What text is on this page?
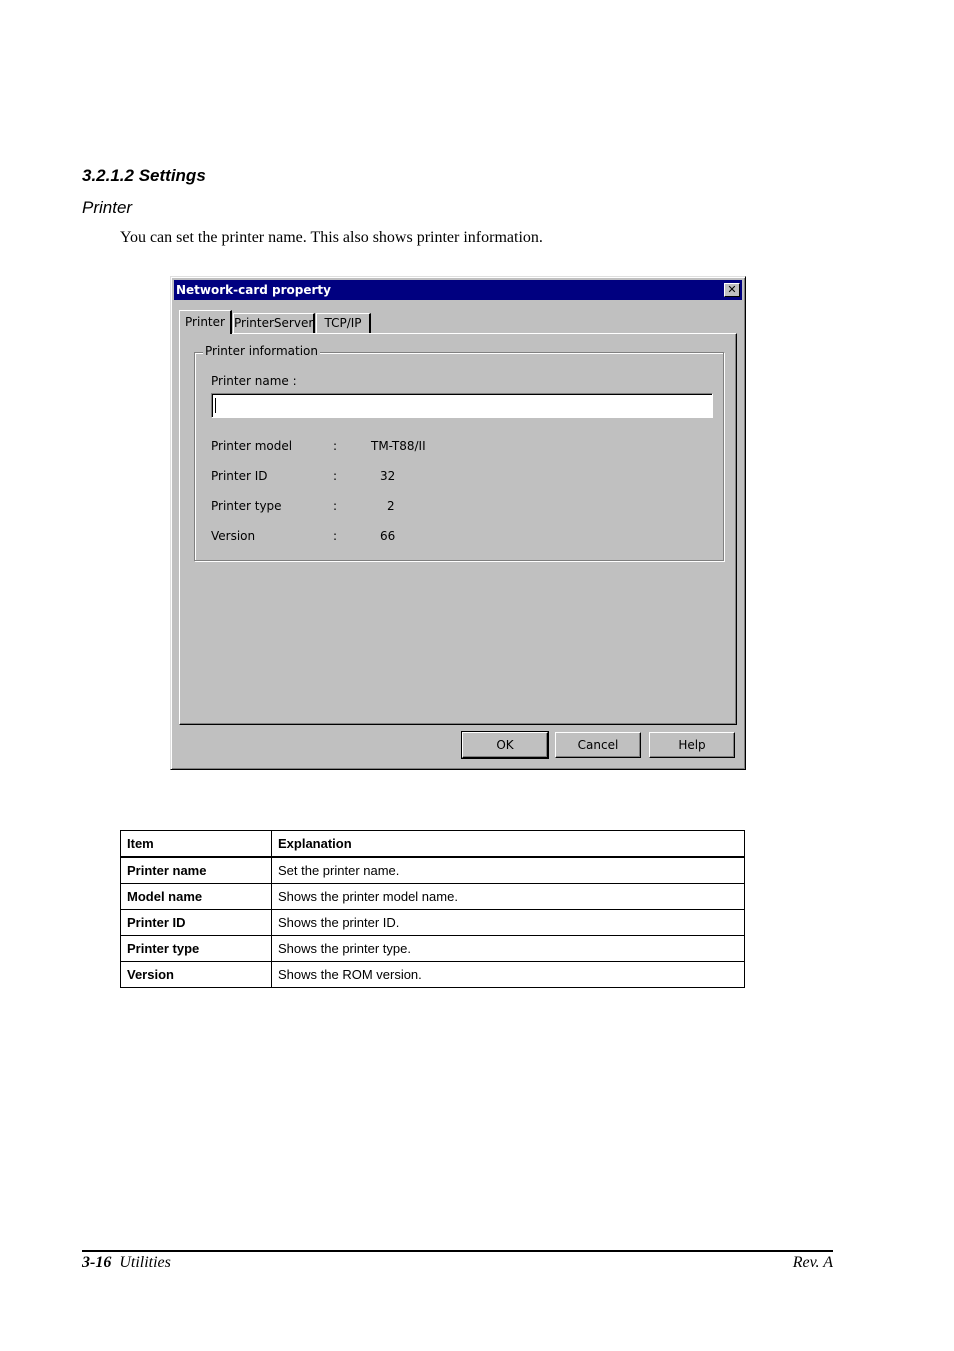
3.2.1.2 Settings
Printer
You can set the printer name. This also shows printer information.
Network-card property	✕
Printer PrinterServer TCP/IP
Printer information
Printer name :
Printer model	:	TM-T88/II
Printer ID	:	32
Printer type	:	2
Version	:	66
OK	Cancel	Help
Item	Explanation
Printer name	Set the printer name.
Model name	Shows the printer model name.
Printer ID	Shows the printer ID.
Printer type	Shows the printer type.
Version	Shows the ROM version.
3-16 Utilities	Rev. A
